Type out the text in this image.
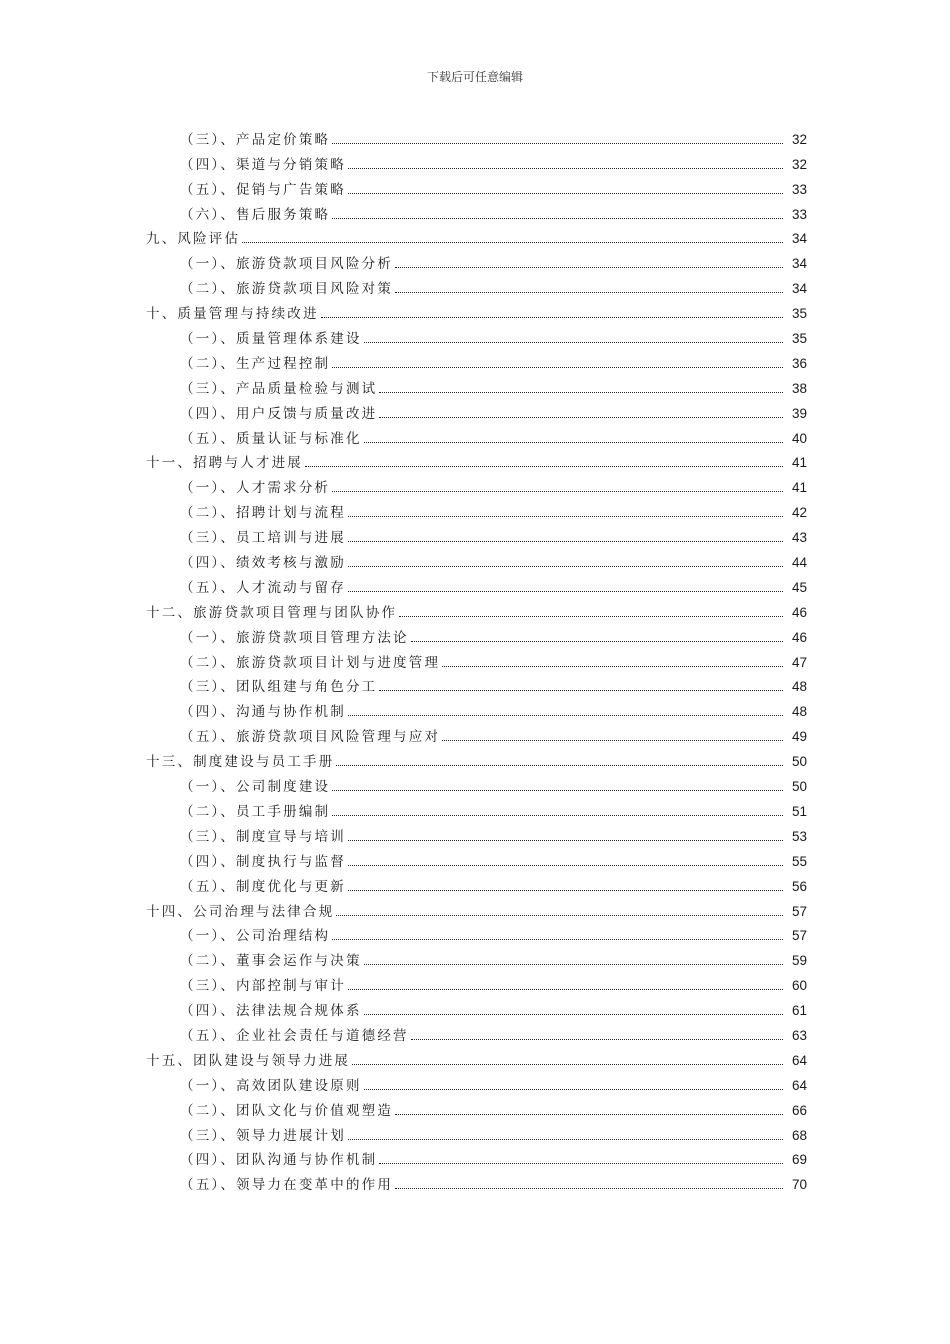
下载后可任意编辑
（三）、产品定价策略	32
（四）、渠道与分销策略	32
（五）、促销与广告策略	33
（六）、售后服务策略	33
九、风险评估	34
（一）、旅游贷款项目风险分析	34
（二）、旅游贷款项目风险对策	34
十、质量管理与持续改进	35
（一）、质量管理体系建设	35
（二）、生产过程控制	36
（三）、产品质量检验与测试	38
（四）、用户反馈与质量改进	39
（五）、质量认证与标准化	40
十一、招聘与人才进展	41
（一）、人才需求分析	41
（二）、招聘计划与流程	42
（三）、员工培训与进展	43
（四）、绩效考核与激励	44
（五）、人才流动与留存	45
十二、旅游贷款项目管理与团队协作	46
（一）、旅游贷款项目管理方法论	46
（二）、旅游贷款项目计划与进度管理	47
（三）、团队组建与角色分工	48
（四）、沟通与协作机制	48
（五）、旅游贷款项目风险管理与应对	49
十三、制度建设与员工手册	50
（一）、公司制度建设	50
（二）、员工手册编制	51
（三）、制度宣导与培训	53
（四）、制度执行与监督	55
（五）、制度优化与更新	56
十四、公司治理与法律合规	57
（一）、公司治理结构	57
（二）、董事会运作与决策	59
（三）、内部控制与审计	60
（四）、法律法规合规体系	61
（五）、企业社会责任与道德经营	63
十五、团队建设与领导力进展	64
（一）、高效团队建设原则	64
（二）、团队文化与价值观塑造	66
（三）、领导力进展计划	68
（四）、团队沟通与协作机制	69
（五）、领导力在变革中的作用	70
